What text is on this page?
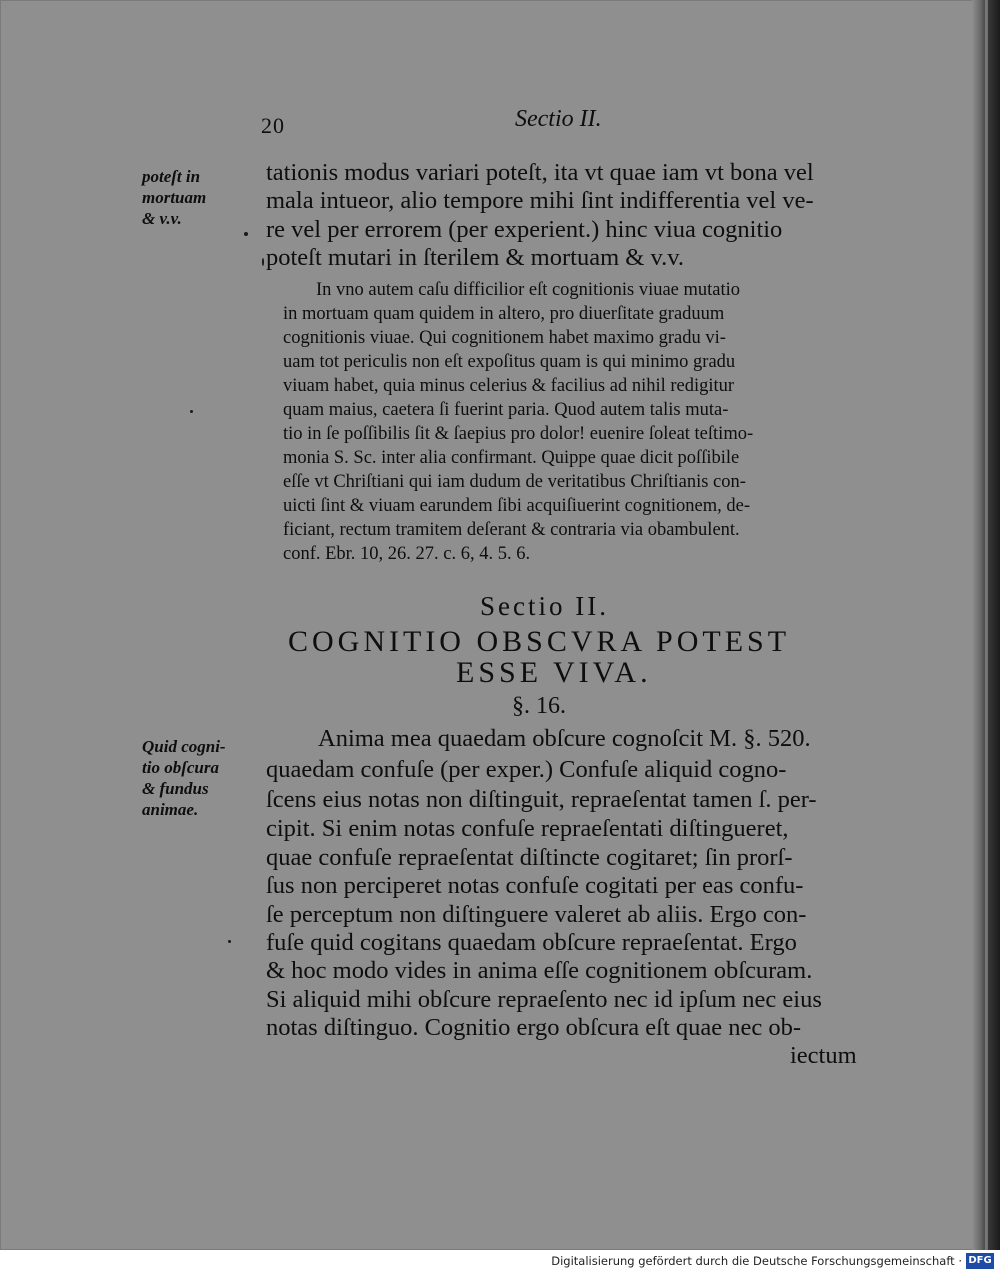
20	Sectio II.
poteſt in
mortuam
& v.v.
tationis modus variari poteſt, ita vt quae iam vt bona vel
mala intueor, alio tempore mihi ſint indifferentia vel ve-
re vel per errorem (per experient.) hinc viua cognitio
poteſt mutari in ſterilem & mortuam & v.v.
In vno autem caſu difficilior eſt cognitionis viuae mutatio
in mortuam quam quidem in altero, pro diuerſitate graduum
cognitionis viuae. Qui cognitionem habet maximo gradu vi-
uam tot periculis non eſt expoſitus quam is qui minimo gradu
viuam habet, quia minus celerius & facilius ad nihil redigitur
quam maius, caetera ſi fuerint paria. Quod autem talis muta-
tio in ſe poſſibilis ſit & ſaepius pro dolor! euenire ſoleat teſtimo-
monia S. Sc. inter alia confirmant. Quippe quae dicit poſſibile
eſſe vt Chriſtiani qui iam dudum de veritatibus Chriſtianis con-
uicti ſint & viuam earundem ſibi acquiſiuerint cognitionem, de-
ficiant, rectum tramitem deſerant & contraria via obambulent.
conf. Ebr. 10, 26. 27. c. 6, 4. 5. 6.
Sectio II.
COGNITIO OBSCVRA POTEST
ESSE VIVA.
§. 16.
Quid cogni-
tio obſcura
& fundus
animae.
Anima mea quaedam obſcure cognoſcit M. §. 520.
quaedam confuſe (per exper.) Confuſe aliquid cogno-
ſcens eius notas non diſtinguit, repraeſentat tamen ſ. per-
cipit. Si enim notas confuſe repraeſentati diſtingueret,
quae confuſe repraeſentat diſtincte cogitaret; ſin prorſ-
ſus non perciperet notas confuſe cogitati per eas confu-
ſe perceptum non diſtinguere valeret ab aliis. Ergo con-
fuſe quid cogitans quaedam obſcure repraeſentat. Ergo
& hoc modo vides in anima eſſe cognitionem obſcuram.
Si aliquid mihi obſcure repraeſento nec id ipſum nec eius
notas diſtinguo. Cognitio ergo obſcura eſt quae nec ob-
iectum
Digitalisierung gefördert durch die Deutsche Forschungsgemeinschaft · DFG
